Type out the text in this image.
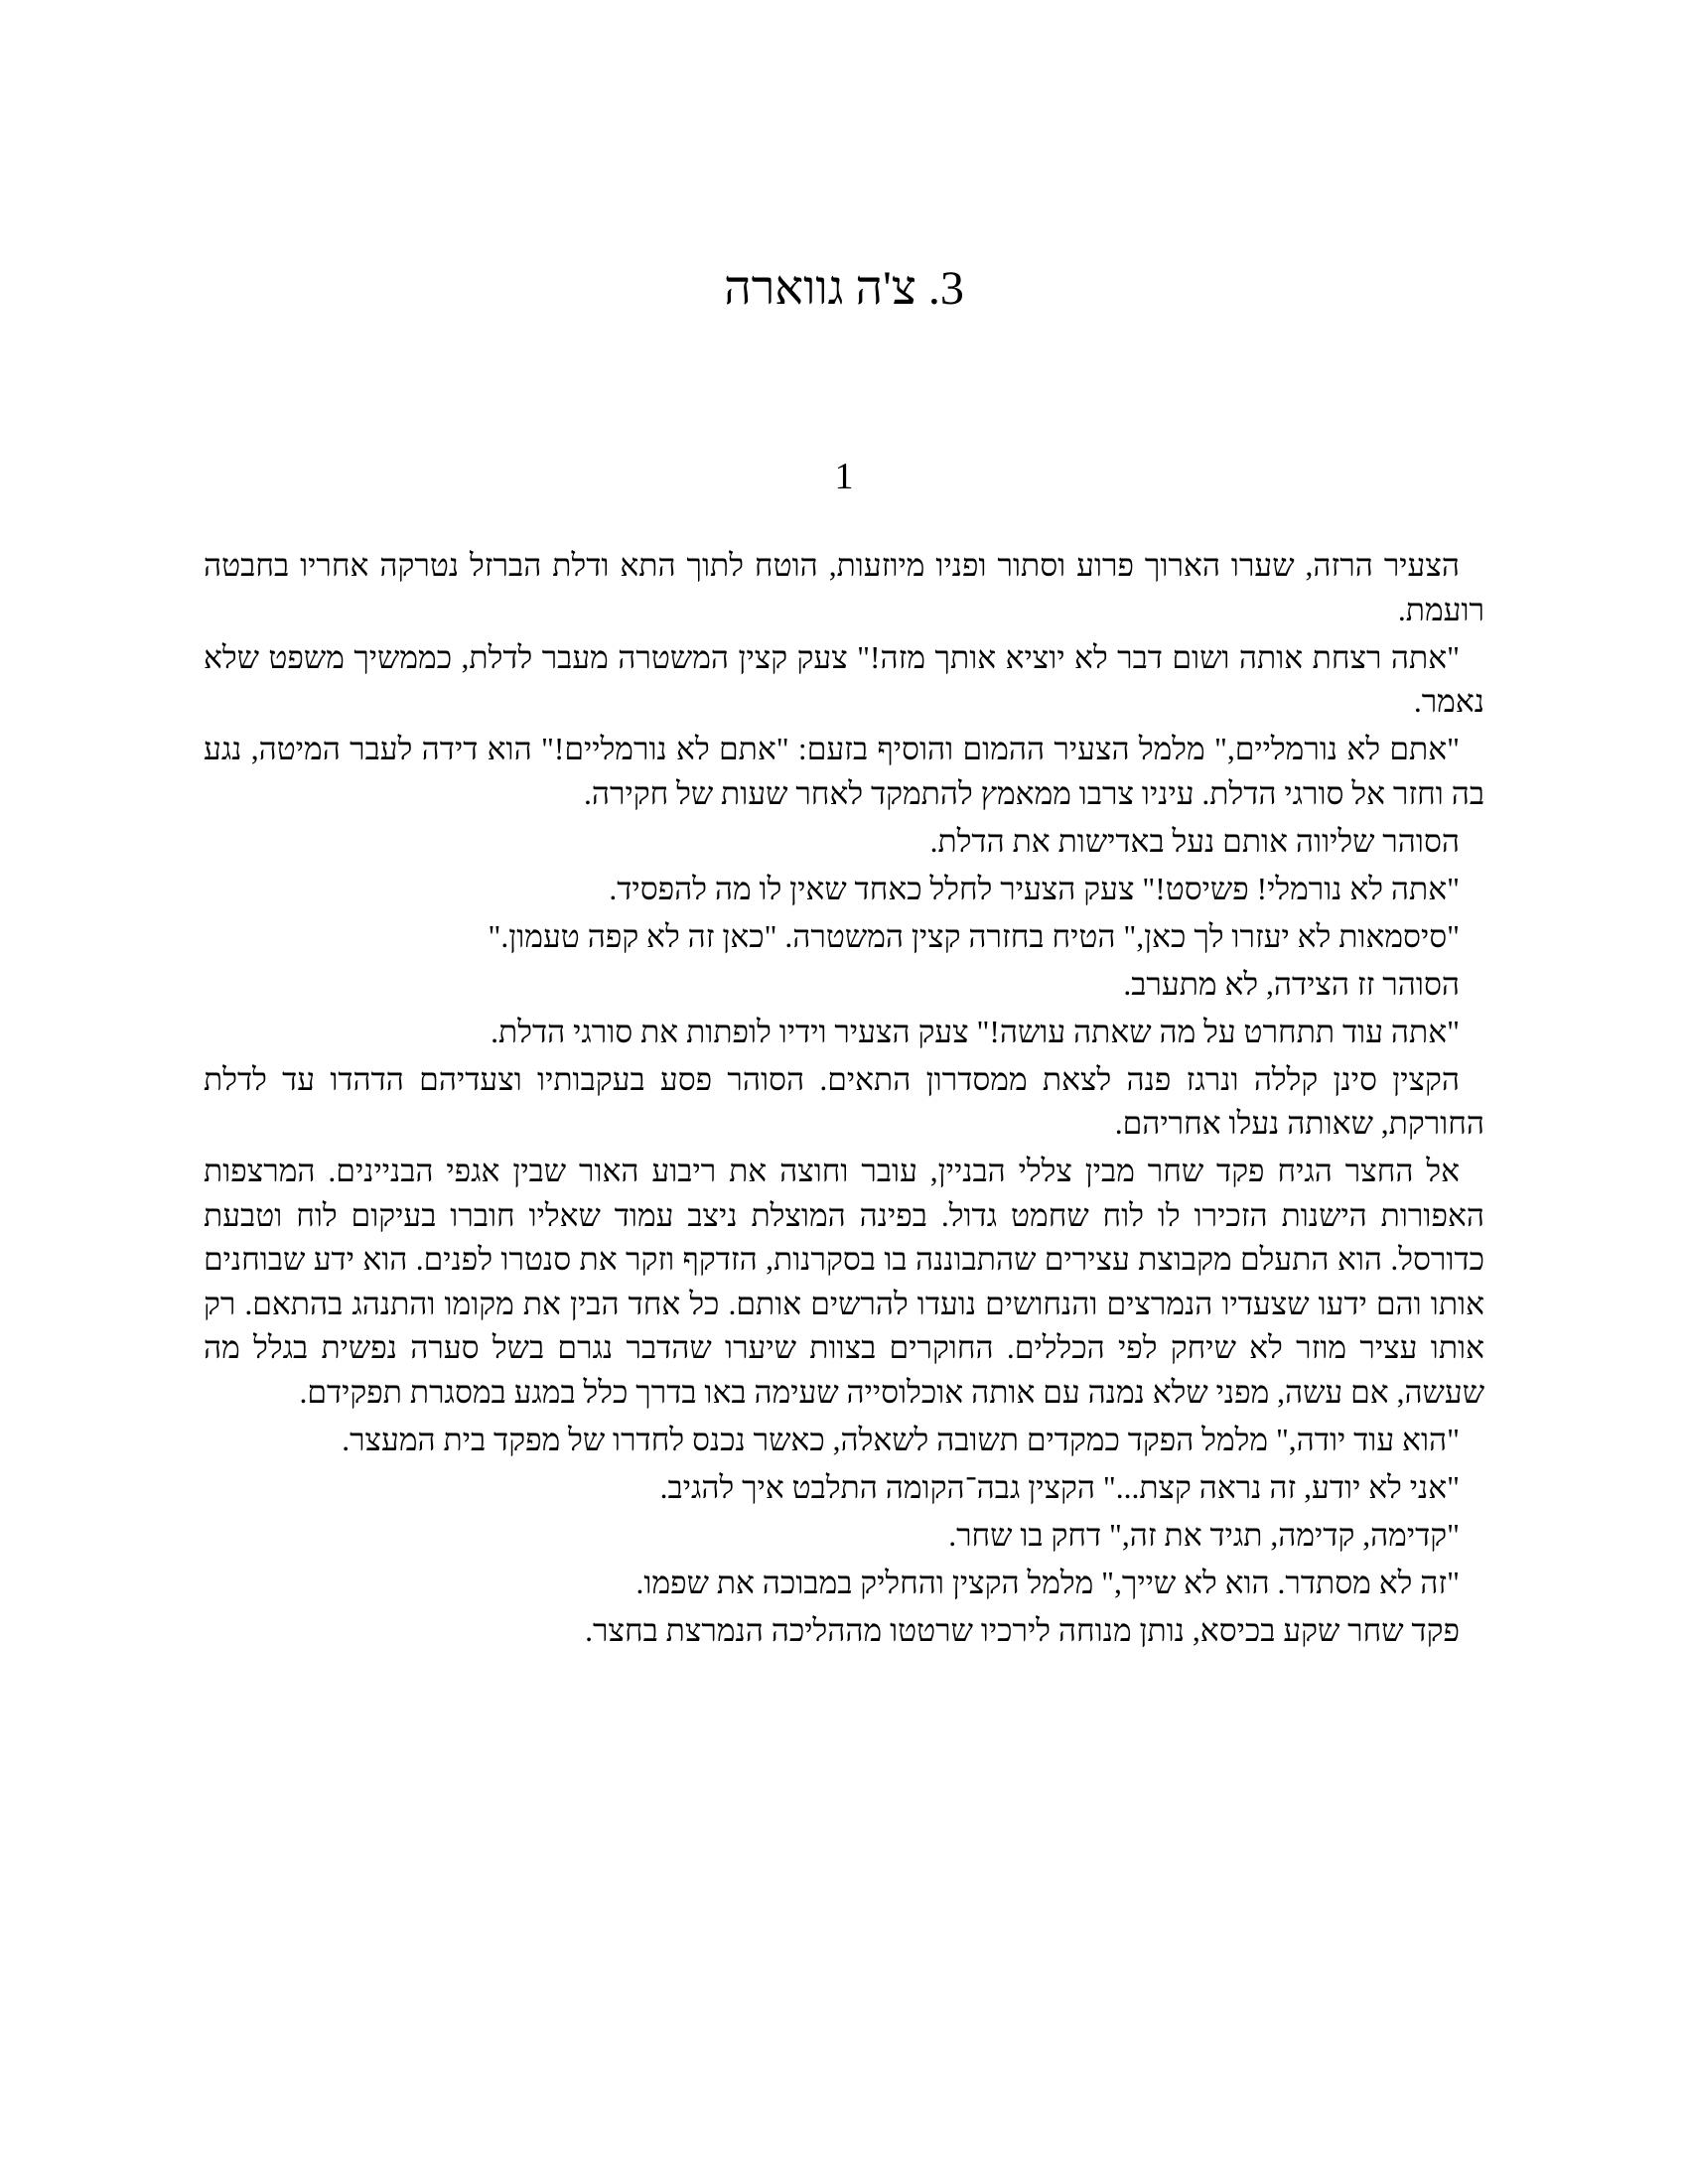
3. צ'ה גווארה
1

הצעיר הרזה, שערו הארוך פרוע וסתור ופניו מיוזעות, הוטח לתוך התא ודלת הברזל נטרקה אחריו בחבטה רועמת.

"אתה רצחת אותה ושום דבר לא יוציא אותך מזה!" צעק קצין המשטרה מעבר לדלת, כממשיך משפט שלא נאמר.

"אתם לא נורמליים," מלמל הצעיר ההמום והוסיף בזעם: "אתם לא נורמליים!" הוא דידה לעבר המיטה, נגע בה וחזר אל סורגי הדלת. עיניו צרבו ממאמץ להתמקד לאחר שעות של חקירה.

הסוהר שליווה אותם נעל באדישות את הדלת.

"אתה לא נורמלי! פשיסט!" צעק הצעיר לחלל כאחד שאין לו מה להפסיד.

"סיסמאות לא יעזרו לך כאן," הטיח בחזרה קצין המשטרה. "כאן זה לא קפה טעמון."

הסוהר זז הצידה, לא מתערב.

"אתה עוד תתחרט על מה שאתה עושה!" צעק הצעיר וידיו לופתות את סורגי הדלת.

הקצין סינן קללה ונרגז פנה לצאת ממסדרון התאים. הסוהר פסע בעקבותיו וצעדיהם הדהדו עד לדלת החורקת, שאותה נעלו אחריהם.

אל החצר הגיח פקד שחר מבין צללי הבניין, עובר וחוצה את ריבוע האור שבין אגפי הבניינים. המרצפות האפורות הישנות הזכירו לו לוח שחמט גדול. בפינה המוצלת ניצב עמוד שאליו חוברו בעיקום לוח וטבעת כדורסל. הוא התעלם מקבוצת עצירים שהתבוננה בו בסקרנות, הזדקף וזקר את סנטרו לפנים. הוא ידע שבוחנים אותו והם ידעו שצעדיו הנמרצים והנחושים נועדו להרשים אותם. כל אחד הבין את מקומו והתנהג בהתאם. רק אותו עציר מוזר לא שיחק לפי הכללים. החוקרים בצוות שיערו שהדבר נגרם בשל סערה נפשית בגלל מה שעשה, אם עשה, מפני שלא נמנה עם אותה אוכלוסייה שעימה באו בדרך כלל במגע במסגרת תפקידם.

"הוא עוד יודה," מלמל הפקד כמקדים תשובה לשאלה, כאשר נכנס לחדרו של מפקד בית המעצר.

"אני לא יודע, זה נראה קצת..." הקצין גבה־הקומה התלבט איך להגיב.

"קדימה, קדימה, תגיד את זה," דחק בו שחר.

"זה לא מסתדר. הוא לא שייך," מלמל הקצין והחליק במבוכה את שפמו.

פקד שחר שקע בכיסא, נותן מנוחה לירכיו שרטטו מההליכה הנמרצת בחצר.
